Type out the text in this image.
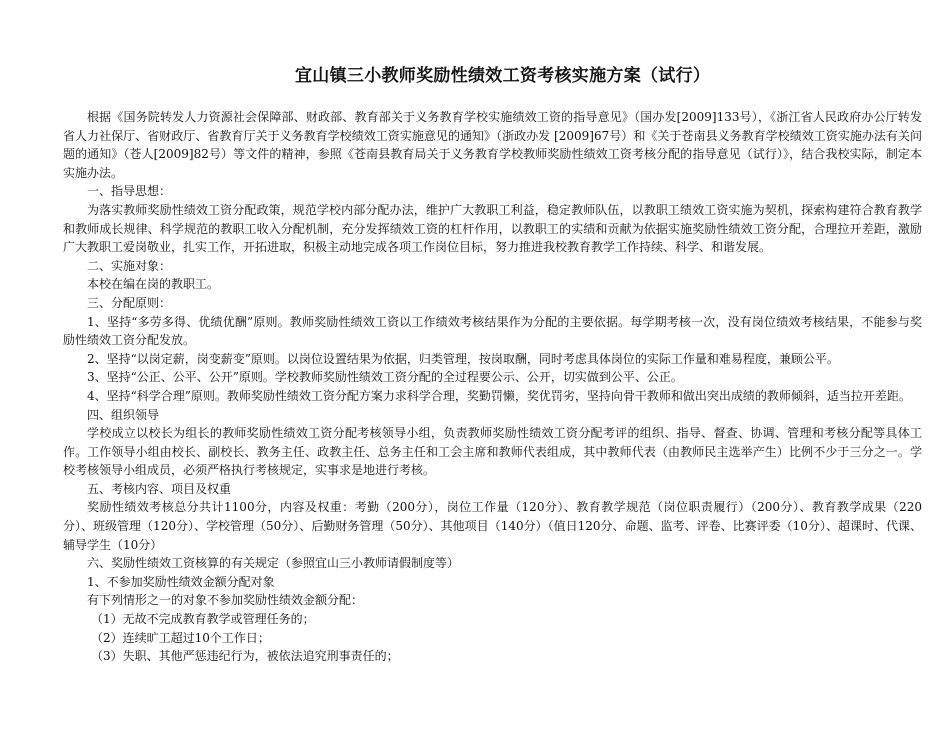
宜山镇三小教师奖励性绩效工资考核实施方案（试行）

根据《国务院转发人力资源社会保障部、财政部、教育部关于义务教育学校实施绩效工资的指导意见》（国办发[2009]133号），《浙江省人民政府办公厅转发省人力社保厅、省财政厅、省教育厅关于义务教育学校绩效工资实施意见的通知》（浙政办发 [2009]67号）和《关于苍南县义务教育学校绩效工资实施办法有关问题的通知》（苍人[2009]82号）等文件的精神，参照《苍南县教育局关于义务教育学校教师奖励性绩效工资考核分配的指导意见（试行）》，结合我校实际，制定本实施办法。

一、指导思想：

为落实教师奖励性绩效工资分配政策，规范学校内部分配办法，维护广大教职工利益，稳定教师队伍，以教职工绩效工资实施为契机，探索构建符合教育教学和教师成长规律、科学规范的教职工收入分配机制，充分发挥绩效工资的杠杆作用，以教职工的实绩和贡献为依据实施奖励性绩效工资分配，合理拉开差距，激励广大教职工爱岗敬业，扎实工作，开拓进取，积极主动地完成各项工作岗位目标，努力推进我校教育教学工作持续、科学、和谐发展。

二、实施对象：

本校在编在岗的教职工。

三、分配原则：

1、坚持“多劳多得、优绩优酬”原则。教师奖励性绩效工资以工作绩效考核结果作为分配的主要依据。每学期考核一次，没有岗位绩效考核结果，不能参与奖励性绩效工资分配发放。

2、坚持“以岗定薪，岗变薪变”原则。以岗位设置结果为依据，归类管理，按岗取酬，同时考虑具体岗位的实际工作量和难易程度，兼顾公平。

3、坚持“公正、公平、公开”原则。学校教师奖励性绩效工资分配的全过程要公示、公开，切实做到公平、公正。

4、坚持“科学合理”原则。教师奖励性绩效工资分配方案力求科学合理，奖勤罚懒，奖优罚劣，坚持向骨干教师和做出突出成绩的教师倾斜，适当拉开差距。

四、组织领导

学校成立以校长为组长的教师奖励性绩效工资分配考核领导小组，负责教师奖励性绩效工资分配考评的组织、指导、督查、协调、管理和考核分配等具体工作。工作领导小组由校长、副校长、教务主任、政教主任、总务主任和工会主席和教师代表组成，其中教师代表（由教师民主选举产生）比例不少于三分之一。学校考核领导小组成员，必须严格执行考核规定，实事求是地进行考核。

五、考核内容、项目及权重

奖励性绩效考核总分共计1100分，内容及权重：考勤（200分），岗位工作量（120分）、教育教学规范（岗位职责履行）（200分）、教育教学成果（220分）、班级管理（120分）、学校管理（50分）、后勤财务管理（50分）、其他项目（140分）（值日120分、命题、监考、评卷、比赛评委（10分）、超课时、代课、辅导学生（10分）

六、奖励性绩效工资核算的有关规定（参照宜山三小教师请假制度等）

1、不参加奖励性绩效金额分配对象

有下列情形之一的对象不参加奖励性绩效金额分配：

（1）无故不完成教育教学或管理任务的；

（2）连续旷工超过10个工作日；

（3）失职、其他严惩违纪行为，被依法追究刑事责任的；
